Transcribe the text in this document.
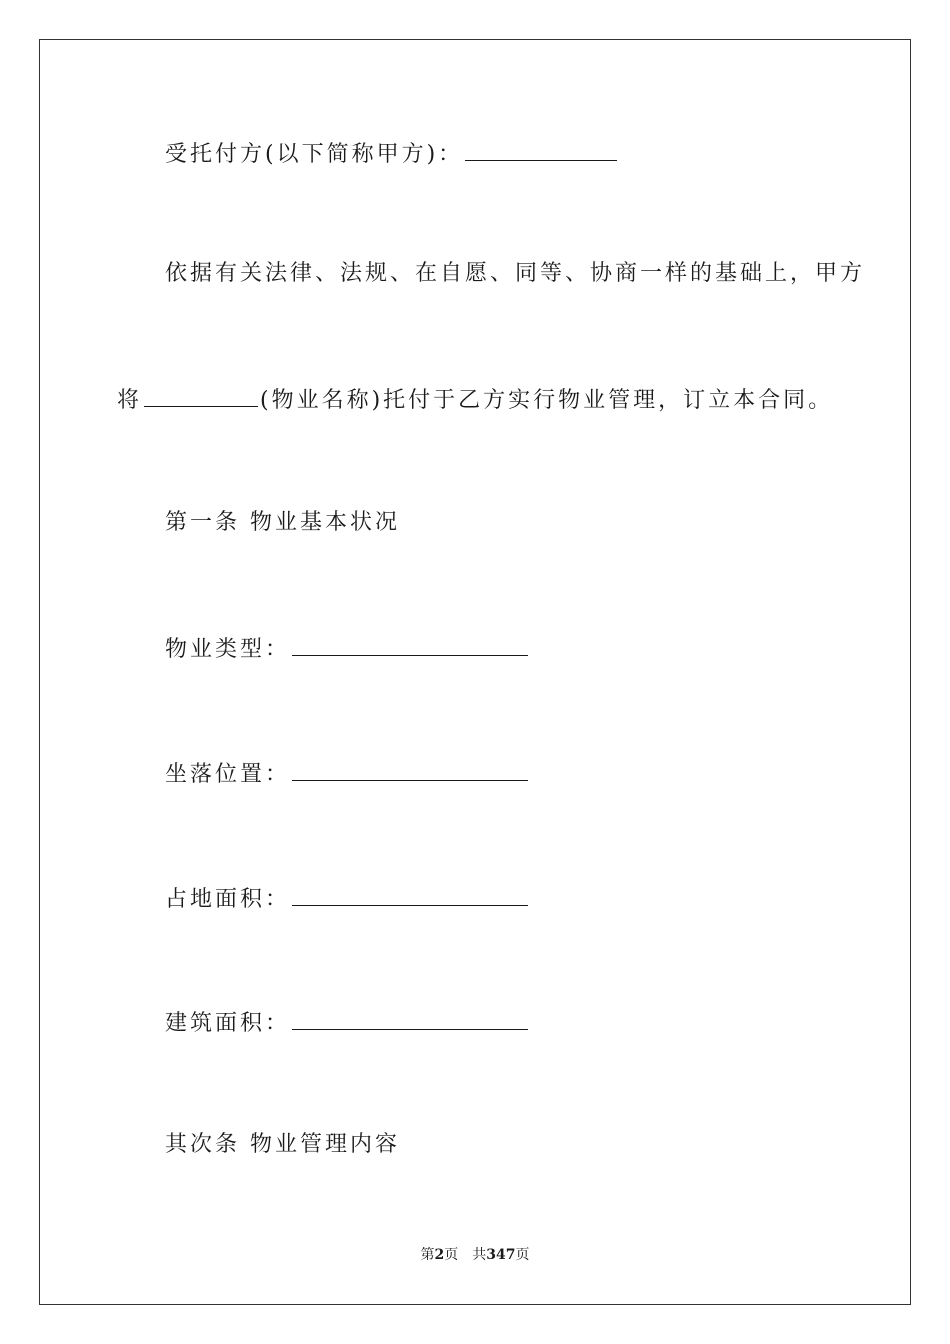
受托付方(以下简称甲方)：
依据有关法律、法规、在自愿、同等、协商一样的基础上，甲方
将	(物业名称)托付于乙方实行物业管理，订立本合同。
第一条 物业基本状况
物业类型：
坐落位置：
占地面积：
建筑面积：
其次条 物业管理内容
第2页 共347页
